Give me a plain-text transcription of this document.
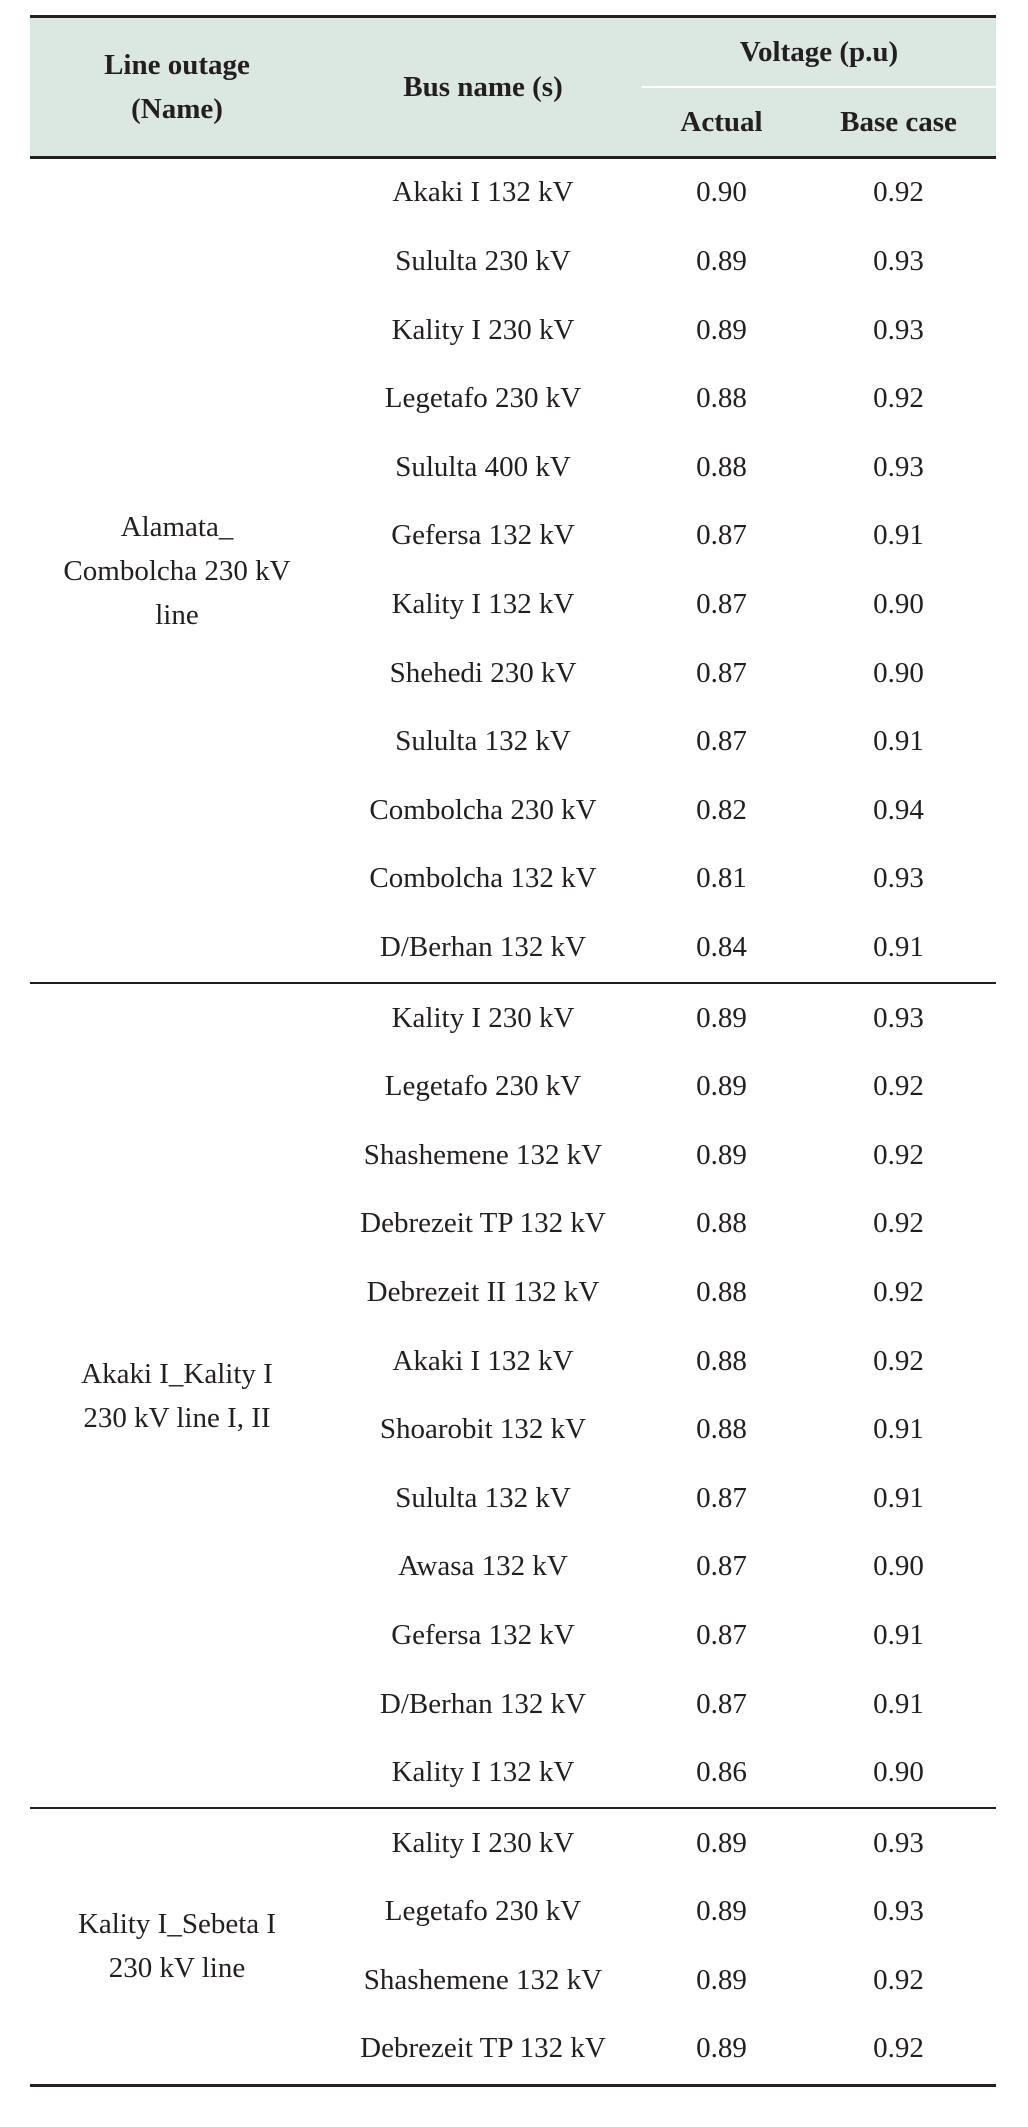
Line outage
(Name)	Bus name (s)	Voltage (p.u)	
		Actual	Base case

Alamata_
Combolcha 230 kV
line	Akaki I 132 kV	0.90	0.92
	Sululta 230 kV	0.89	0.93
	Kality I 230 kV	0.89	0.93
	Legetafo 230 kV	0.88	0.92
	Sululta 400 kV	0.88	0.93
	Gefersa 132 kV	0.87	0.91
	Kality I 132 kV	0.87	0.90
	Shehedi 230 kV	0.87	0.90
	Sululta 132 kV	0.87	0.91
	Combolcha 230 kV	0.82	0.94
	Combolcha 132 kV	0.81	0.93
	D/Berhan 132 kV	0.84	0.91

Akaki I_Kality I
230 kV line I, II	Kality I 230 kV	0.89	0.93
	Legetafo 230 kV	0.89	0.92
	Shashemene 132 kV	0.89	0.92
	Debrezeit TP 132 kV	0.88	0.92
	Debrezeit II 132 kV	0.88	0.92
	Akaki I 132 kV	0.88	0.92
	Shoarobit 132 kV	0.88	0.91
	Sululta 132 kV	0.87	0.91
	Awasa 132 kV	0.87	0.90
	Gefersa 132 kV	0.87	0.91
	D/Berhan 132 kV	0.87	0.91
	Kality I 132 kV	0.86	0.90

Kality I_Sebeta I
230 kV line	Kality I 230 kV	0.89	0.93
	Legetafo 230 kV	0.89	0.93
	Shashemene 132 kV	0.89	0.92
	Debrezeit TP 132 kV	0.89	0.92
